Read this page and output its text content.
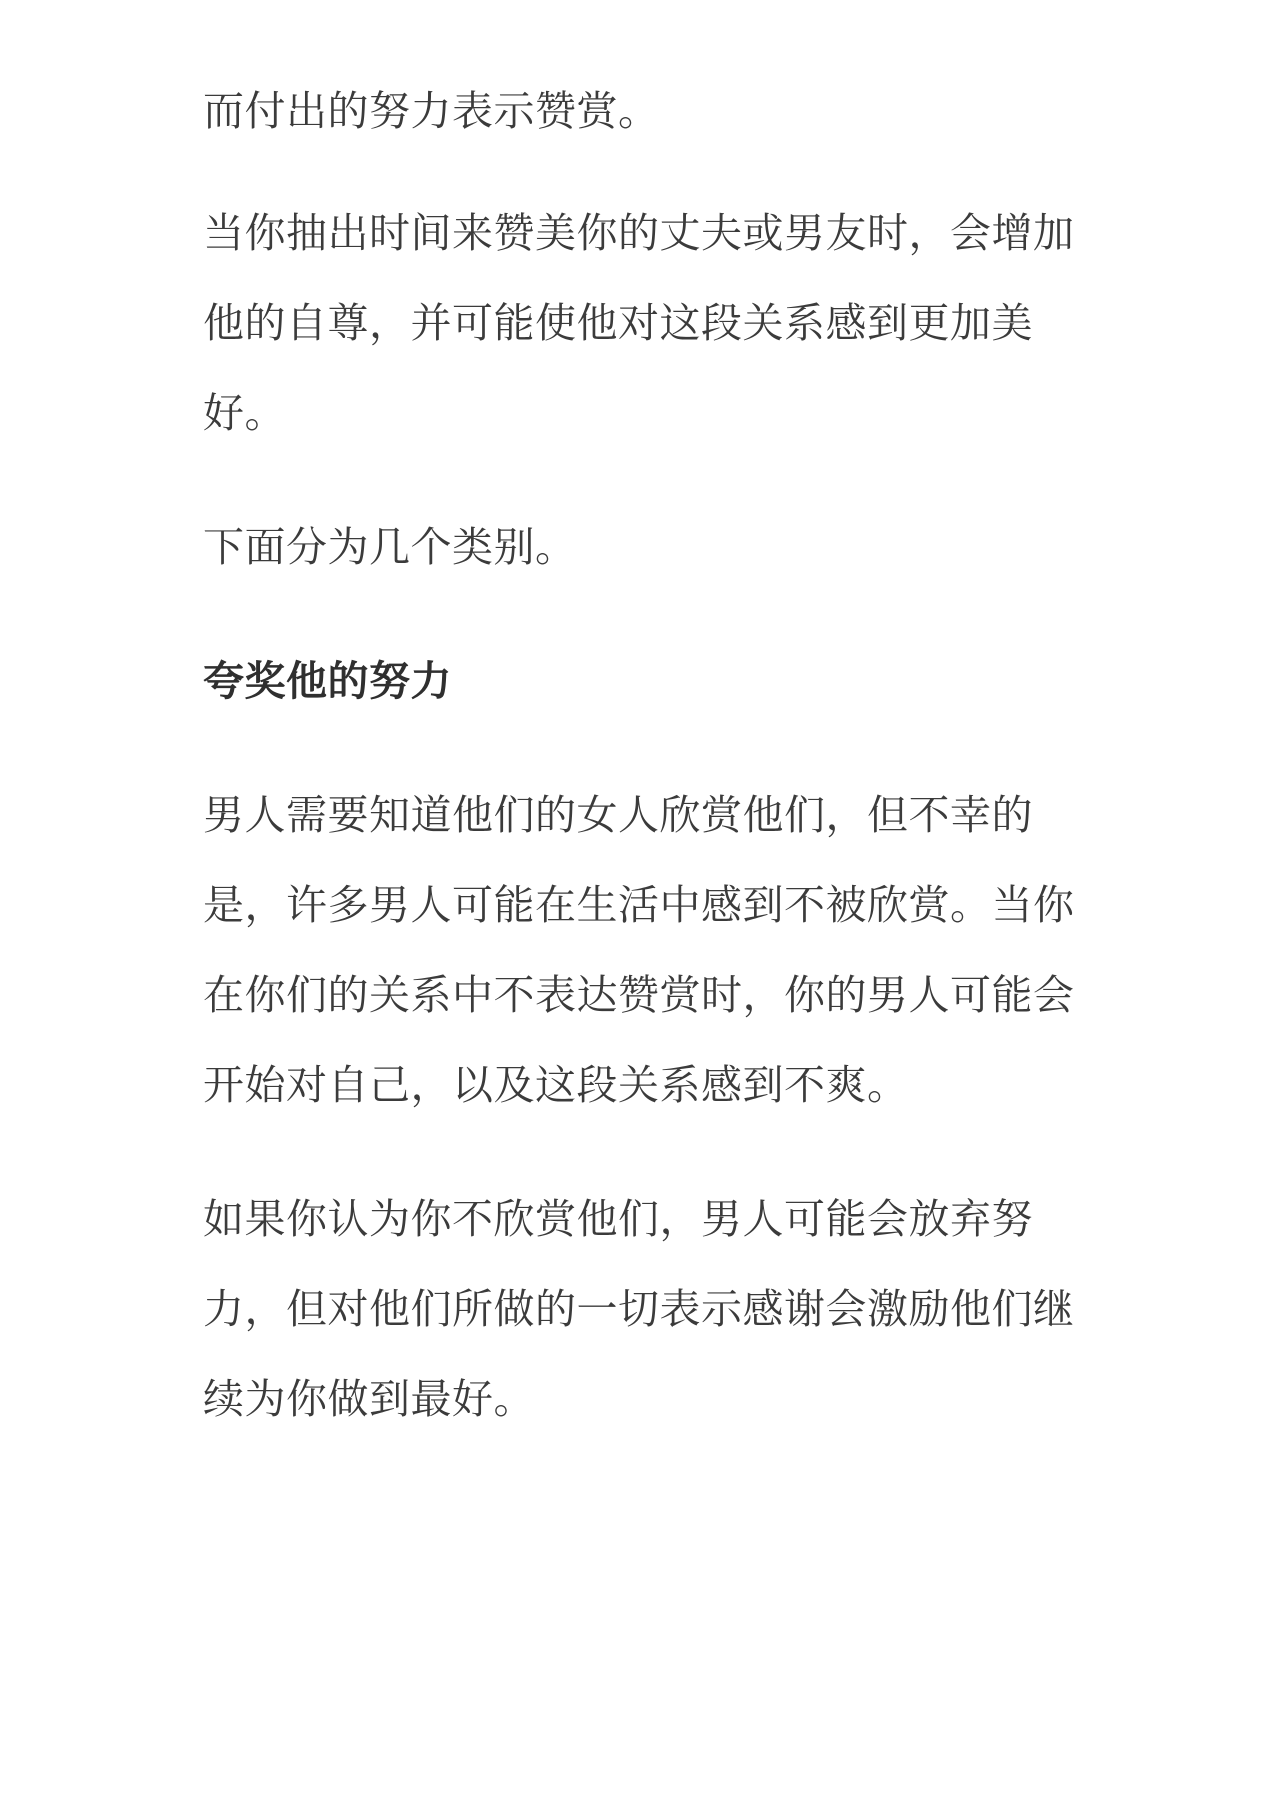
而付出的努力表示赞赏。
当你抽出时间来赞美你的丈夫或男友时，会增加
他的自尊，并可能使他对这段关系感到更加美
好。
下面分为几个类别。
夸奖他的努力
男人需要知道他们的女人欣赏他们，但不幸的
是，许多男人可能在生活中感到不被欣赏。当你
在你们的关系中不表达赞赏时，你的男人可能会
开始对自己，以及这段关系感到不爽。
如果你认为你不欣赏他们，男人可能会放弃努
力，但对他们所做的一切表示感谢会激励他们继
续为你做到最好。
